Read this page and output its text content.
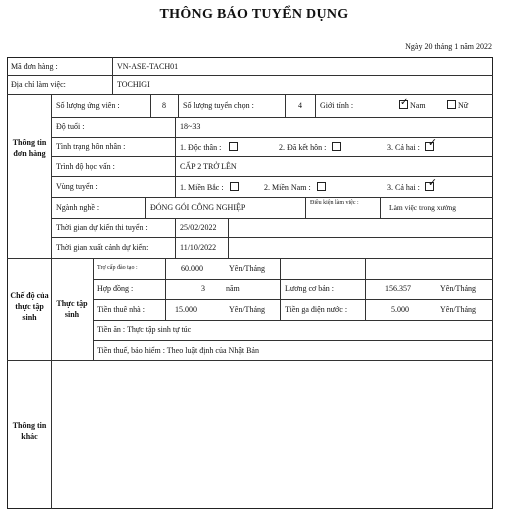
THÔNG BÁO TUYỂN DỤNG
Ngày 20 tháng 1 năm 2022
Mã đơn hàng :	VN-ASE-TACH01
Địa chỉ làm việc:	TOCHIGI
Thông tin đơn hàng
Số lượng ứng viên :	8	Số lượng tuyển chọn :	4	Giới tính :
✓	Nam	Nữ
Độ tuổi :	18~33
Tình trạng hôn nhân :	1. Độc thân :	2. Đã kết hôn :	3. Cả hai : ✓
Trình độ học vấn :	CẤP 2 TRỞ LÊN
Vùng tuyển :	1. Miền Bắc :	2. Miền Nam :	3. Cả hai : ✓
Ngành nghề :	ĐÓNG GÓI CÔNG NGHIỆP	Điều kiện làm việc :	Làm việc trong xưởng
Thời gian dự kiến thi tuyển :	25/02/2022
Thời gian xuất cảnh dự kiến:	11/10/2022
Chế độ của thực tập sinh
Thực tập sinh
Trợ cấp đào tạo :	60.000	Yên/Tháng
Hợp đồng :	3	năm	Lương cơ bản :	156.357	Yên/Tháng
Tiền thuê nhà :	15.000	Yên/Tháng	Tiền ga điện nước :	5.000	Yên/Tháng
Tiền ăn : Thực tập sinh tự túc
Tiền thuế, bảo hiểm : Theo luật định của Nhật Bản
Thông tin khác
